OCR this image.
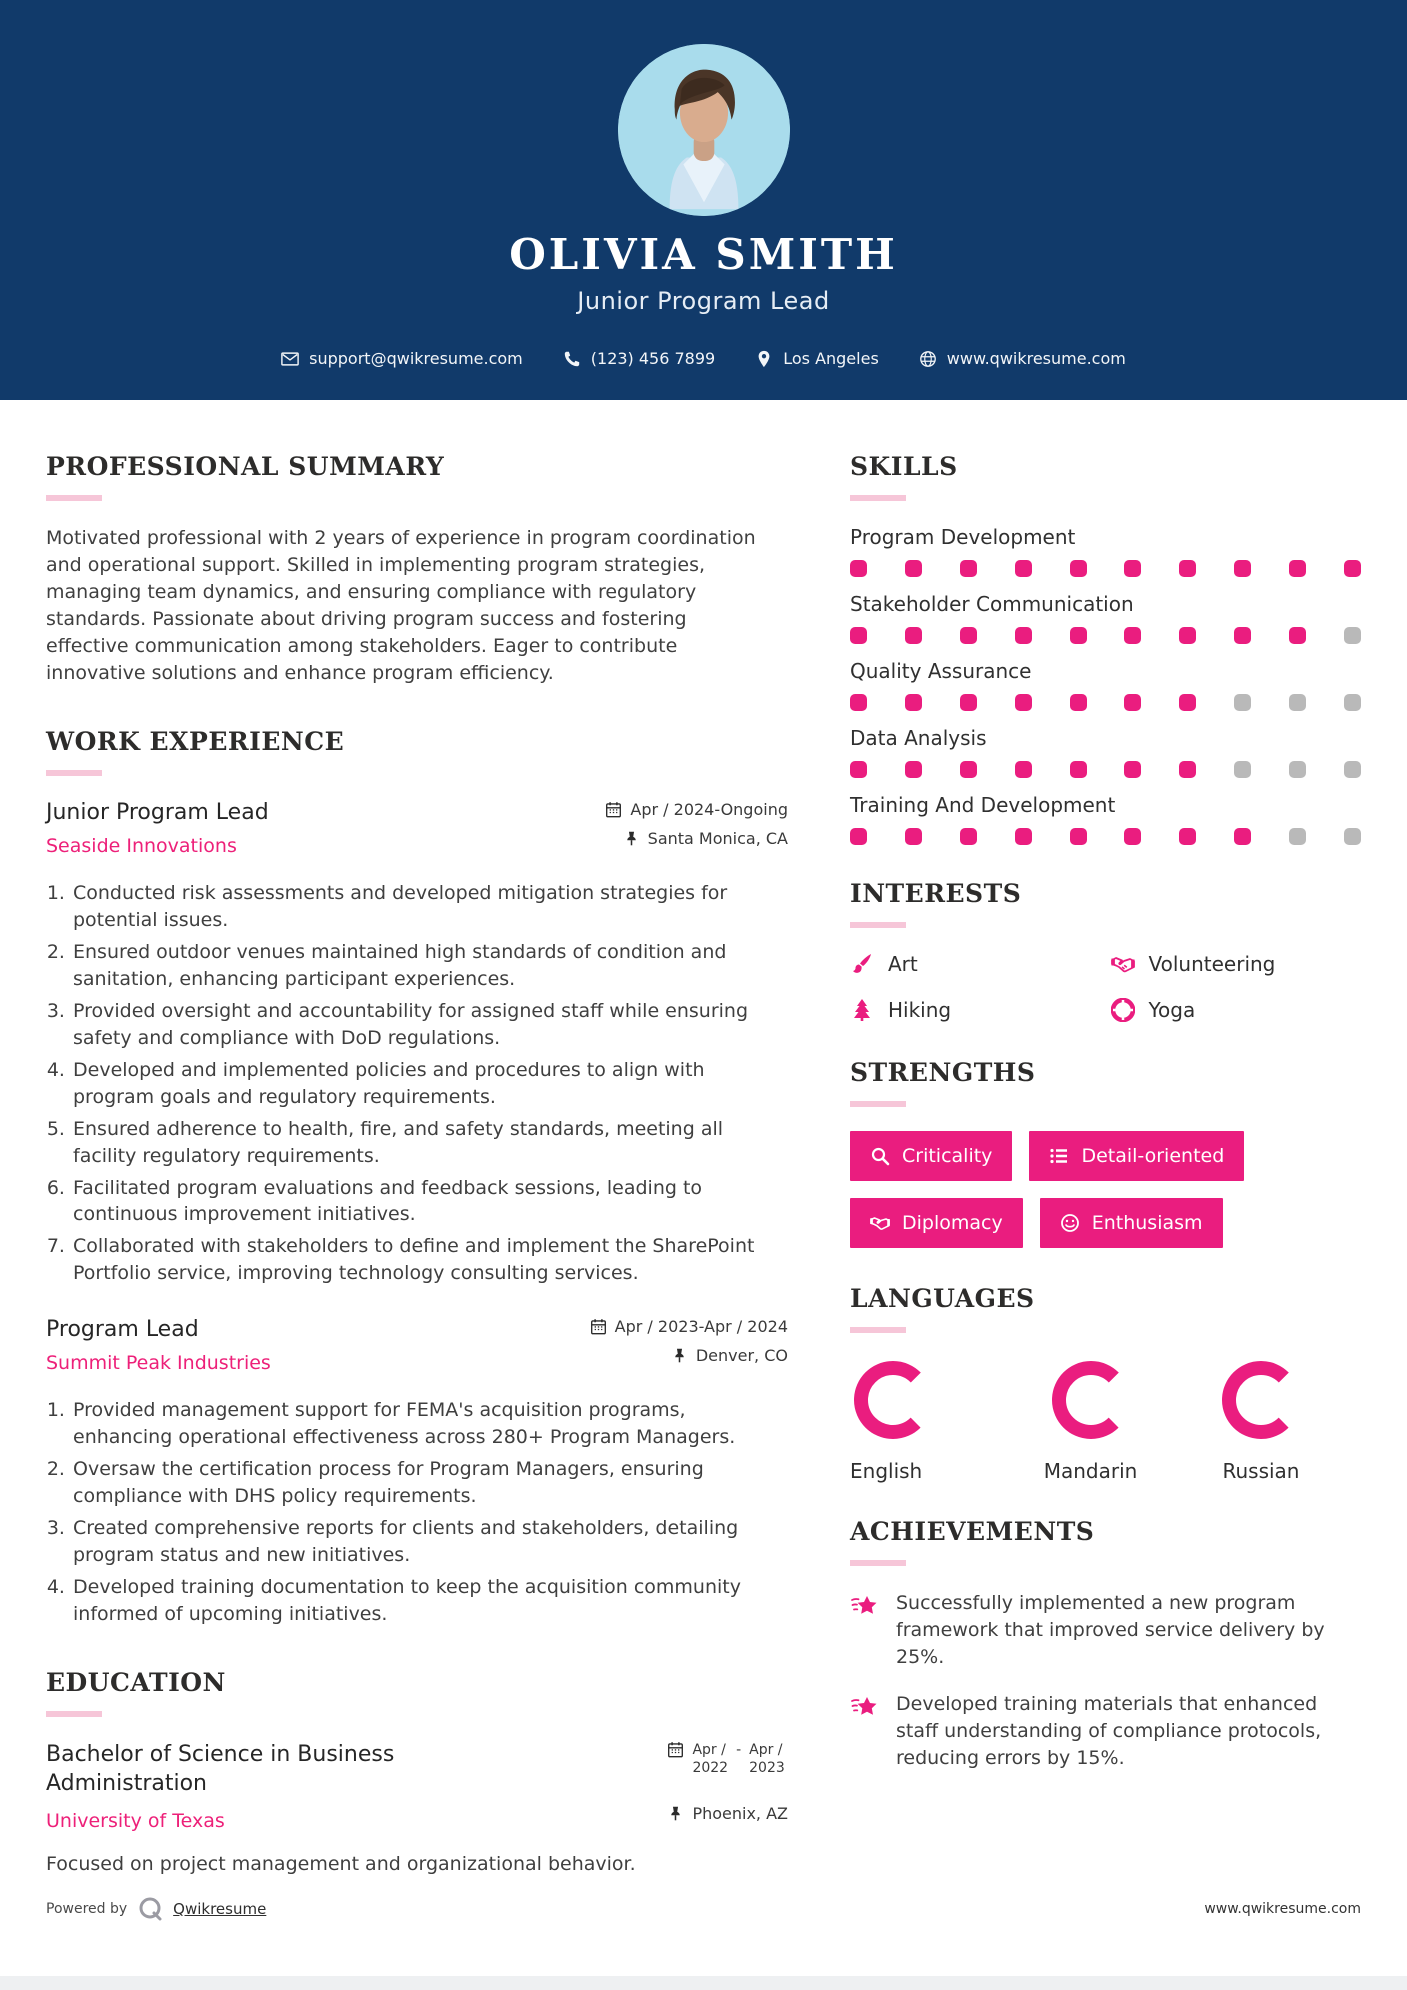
OLIVIA SMITH
Junior Program Lead
support@qwikresume.com	(123) 456 7899	Los Angeles	www.qwikresume.com
PROFESSIONAL SUMMARY

Motivated professional with 2 years of experience in program coordination and operational support. Skilled in implementing program strategies, managing team dynamics, and ensuring compliance with regulatory standards. Passionate about driving program success and fostering effective communication among stakeholders. Eager to contribute innovative solutions and enhance program efficiency.

WORK EXPERIENCE
Junior Program Lead
Seaside Innovations
Apr / 2024-Ongoing
Santa Monica, CA
1. Conducted risk assessments and developed mitigation strategies for potential issues.
2. Ensured outdoor venues maintained high standards of condition and sanitation, enhancing participant experiences.
3. Provided oversight and accountability for assigned staff while ensuring safety and compliance with DoD regulations.
4. Developed and implemented policies and procedures to align with program goals and regulatory requirements.
5. Ensured adherence to health, fire, and safety standards, meeting all facility regulatory requirements.
6. Facilitated program evaluations and feedback sessions, leading to continuous improvement initiatives.
7. Collaborated with stakeholders to define and implement the SharePoint Portfolio service, improving technology consulting services.
Program Lead
Summit Peak Industries
Apr / 2023-Apr / 2024
Denver, CO
1. Provided management support for FEMA's acquisition programs, enhancing operational effectiveness across 280+ Program Managers.
2. Oversaw the certification process for Program Managers, ensuring compliance with DHS policy requirements.
3. Created comprehensive reports for clients and stakeholders, detailing program status and new initiatives.
4. Developed training documentation to keep the acquisition community informed of upcoming initiatives.
EDUCATION
Bachelor of Science in Business Administration
University of Texas
Apr /
2022
- Apr /
2023
Phoenix, AZ

Focused on project management and organizational behavior.

SKILLS
Program Development
Stakeholder Communication
Quality Assurance
Data Analysis
Training And Development
INTERESTS
Art	Volunteering
Hiking	Yoga
STRENGTHS
Criticality	Detail-oriented
Diplomacy	Enthusiasm
LANGUAGES
English	Mandarin	Russian
ACHIEVEMENTS
Successfully implemented a new program framework that improved service delivery by 25%.
Developed training materials that enhanced staff understanding of compliance protocols, reducing errors by 15%.
Powered by	Qwikresume	www.qwikresume.com
